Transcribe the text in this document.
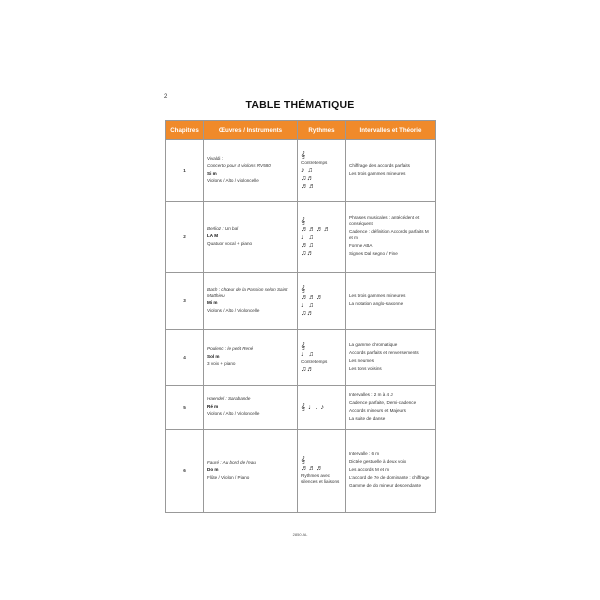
2
TABLE THÉMATIQUE
Chapitres	Œuvres / Instruments	Rythmes	Intervalles et Théorie
1	Vivaldi :
Concerto pour 4 violons RV580
Si m
Violons / Alto / violoncelle	𝄞
Contretemps
♪ ♫
♫♬
♬♬	Chiffrage des accords parfaits
Les trois gammes mineures

2	Berlioz : Un bal
LA M
Quatuor vocal + piano	𝄞
♬♬♬♬
♩♫
♬♫
♫♬	Phrases musicales : antécédent et conséquent
Cadence : définition Accords parfaits M et m
Forme ABA
Signes Dal segno / Fine

3	Bach : chœur de la Passion selon Saint Matthieu
Mi m
Violons / Alto / Violoncelle	𝄞
♬♬♬
♩♫
♫♬	Les trois gammes mineures
La notation anglo-saxonne

4	Poulenc : le petit René
Sol m
3 voix + piano	𝄞
♩♫
Contretemps
♫♬	La gamme chromatique
Accords parfaits et renversements
Les neumes
Les tons voisins

5	Haendel : Sarabande
Ré m
Violons / Alto / Violoncelle	𝄞 ♩. ♪	Intervalles : 2 m à 4 J
Cadence parfaite, Demi-cadence
Accords mineurs et Majeurs
La suite de danse

6	Fauré : Au bord de l'eau
Do m
Flûte / Violon / Piano	𝄞
♬♬♬
Rythmes avec silences et liaisons	Intervalle : 6 m
Dictée gestuelle à deux voix
Les accords M et m
L'accord de 7e de dominante : chiffrage
Gamme de do mineur descendante
2850 AL
